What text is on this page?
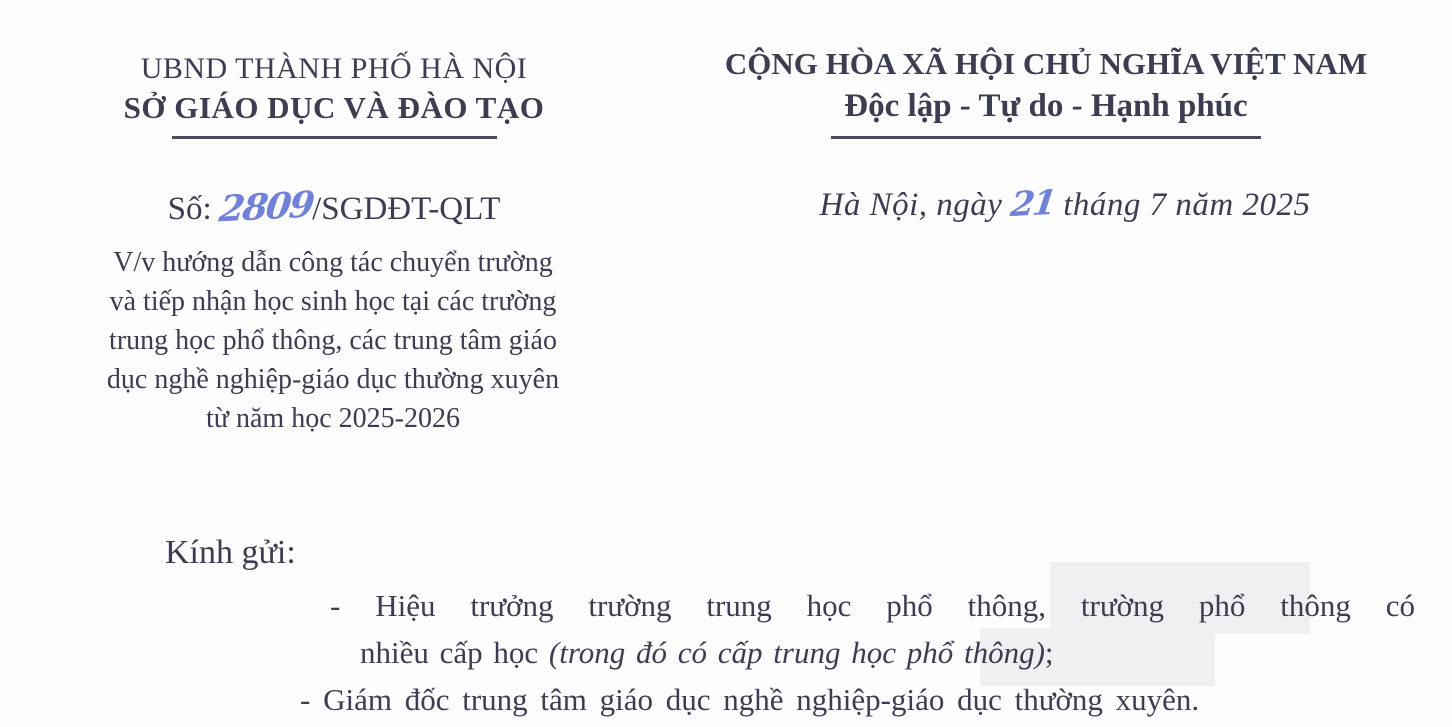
UBND THÀNH PHỐ HÀ NỘI
SỞ GIÁO DỤC VÀ ĐÀO TẠO
CỘNG HÒA XÃ HỘI CHỦ NGHĨA VIỆT NAM
Độc lập - Tự do - Hạnh phúc
Số: 2809/SGDĐT-QLT	Hà Nội, ngày 21 tháng 7 năm 2025
V/v hướng dẫn công tác chuyển trường
và tiếp nhận học sinh học tại các trường
trung học phổ thông, các trung tâm giáo
dục nghề nghiệp-giáo dục thường xuyên
từ năm học 2025-2026
Kính gửi:
- Hiệu trưởng trường trung học phổ thông, trường phổ thông có
nhiều cấp học (trong đó có cấp trung học phổ thông);
- Giám đốc trung tâm giáo dục nghề nghiệp-giáo dục thường xuyên.
